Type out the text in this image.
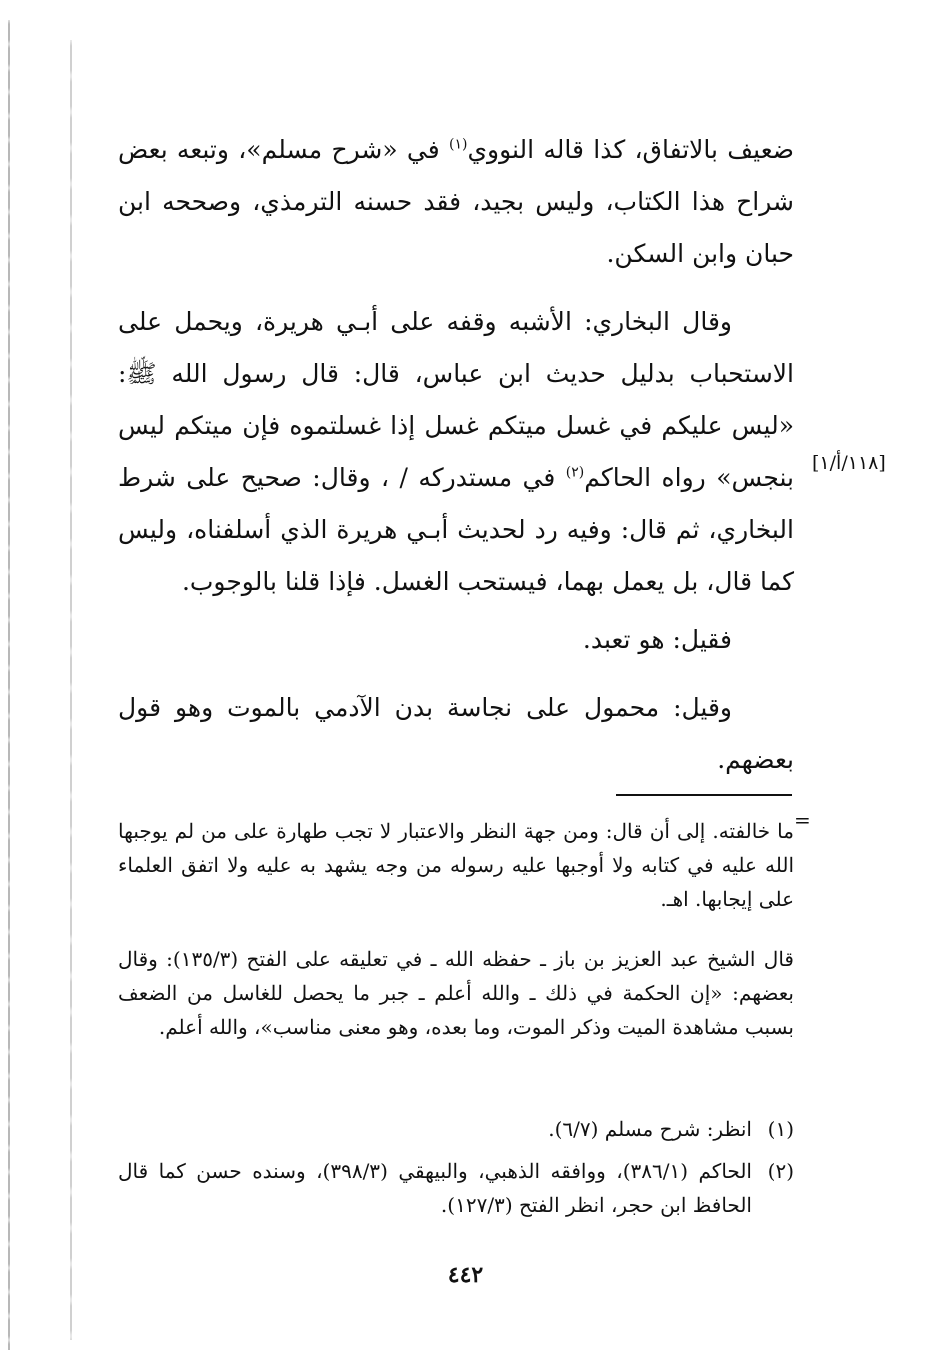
ضعيف بالاتفاق، كذا قاله النووي$^{(١)}$ في «شرح مسلم»، وتبعه بعض شراح هذا الكتاب، وليس بجيد، فقد حسنه الترمذي، وصححه ابن حبان وابن السكن.

وقال البخاري: الأشبه وقفه على أبـي هريرة، ويحمل على الاستحباب بدليل حديث ابن عباس، قال: قال رسول الله ﷺ: «ليس عليكم في غسل ميتكم غسل إذا غسلتموه فإن ميتكم ليس بنجس» رواه الحاكم$^{(٢)}$ في مستدركه / ، وقال: صحيح على شرط البخاري، ثم قال: وفيه رد لحديث أبـي هريرة الذي أسلفناه، وليس كما قال، بل يعمل بهما، فيستحب الغسل. فإذا قلنا بالوجوب.

[١١٨/أ/١]

فقيل: هو تعبد.

وقيل: محمول على نجاسة بدن الآدمي بالموت وهو قول بعضهم.

=

ما خالفته. إلى أن قال: ومن جهة النظر والاعتبار لا تجب طهارة على من لم يوجبها الله عليه في كتابه ولا أوجبها عليه رسوله من وجه يشهد به عليه ولا اتفق العلماء على إيجابها. اهـ.

قال الشيخ عبد العزيز بن باز ـ حفظه الله ـ في تعليقه على الفتح (١٣٥/٣): وقال بعضهم: «إن الحكمة في ذلك ـ والله أعلم ـ جبر ما يحصل للغاسل من الضعف بسبب مشاهدة الميت وذكر الموت، وما بعده، وهو معنى مناسب»، والله أعلم.

(١)
انظر: شرح مسلم (٦/٧).
(٢)
الحاكم (٣٨٦/١)، ووافقه الذهبي، والبيهقي (٣٩٨/٣)، وسنده حسن كما قال الحافظ ابن حجر، انظر الفتح (١٢٧/٣).
٤٤٢
